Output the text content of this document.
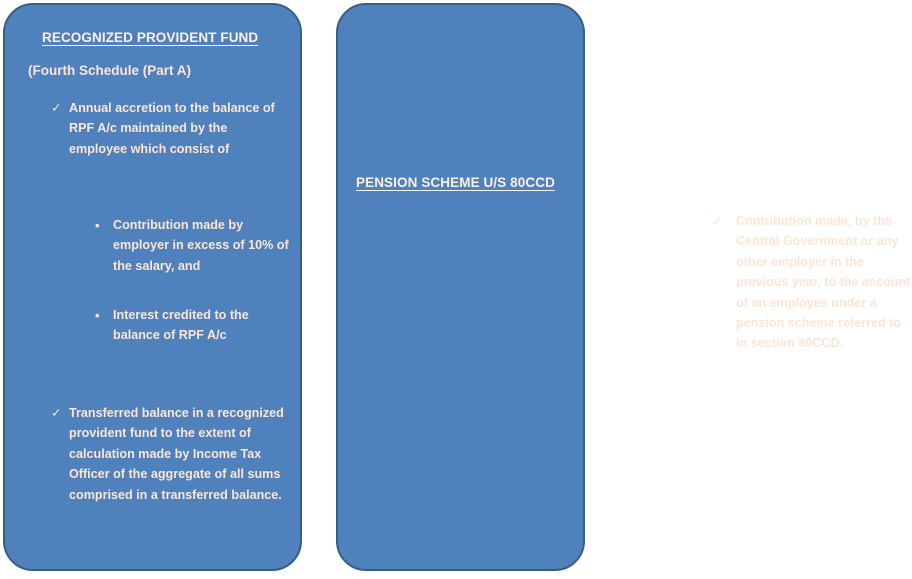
RECOGNIZED PROVIDENT FUND
(Fourth Schedule (Part A)
✓ Annual accretion to the balance of RPF A/c maintained by the employee which consist of
•	Contribution made by employer in excess of 10% of the salary, and
•	Interest credited to the balance of RPF A/c
✓ Transferred balance in a recognized provident fund to the extent of calculation made by Income Tax Officer of the aggregate of all sums comprised in a transferred balance.
PENSION SCHEME U/S 80CCD
✓	Contribution made, by the Central Government or any other employer in the previous year, to the account of an employee under a pension scheme referred to in section 80CCD.
